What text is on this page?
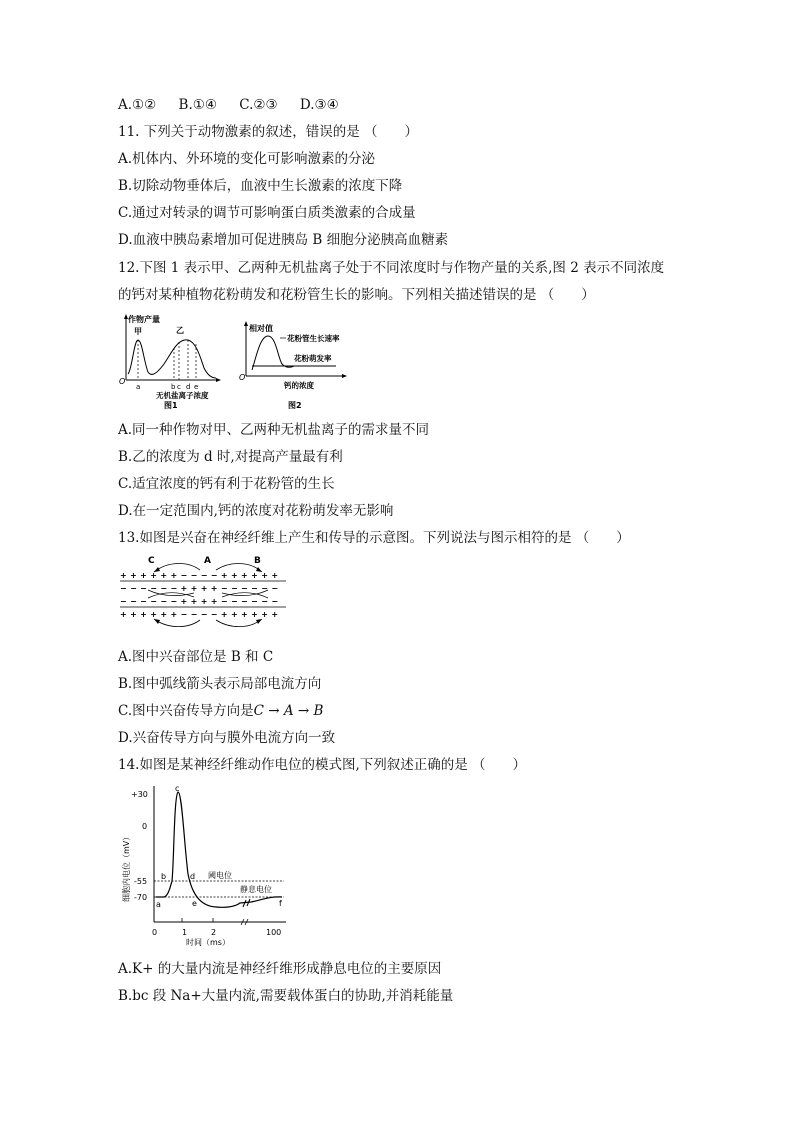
A.①② B.①④ C.②③ D.③④
11. 下列关于动物激素的叙述，错误的是 （　　）
A.机体内、外环境的变化可影响激素的分泌
B.切除动物垂体后，血液中生长激素的浓度下降
C.通过对转录的调节可影响蛋白质类激素的合成量
D.血液中胰岛素增加可促进胰岛 B 细胞分泌胰高血糖素
12.下图 1 表示甲、乙两种无机盐离子处于不同浓度时与作物产量的关系,图 2 表示不同浓度
的钙对某种植物花粉萌发和花粉管生长的影响。下列相关描述错误的是 （　　）
作物产量
甲	乙
O
a	b c d e
无机盐离子浓度
图1
相对值
花粉管生长速率
花粉萌发率
O
钙的浓度
图2
A.同一种作物对甲、乙两种无机盐离子的需求量不同
B.乙的浓度为 d 时,对提高产量最有利
C.适宜浓度的钙有利于花粉管的生长
D.在一定范围内,钙的浓度对花粉萌发率无影响
13.如图是兴奋在神经纤维上产生和传导的示意图。下列说法与图示相符的是 （　　）
C	A	B
+ + + + + + − − − − + + + + + +
− − − − − − + + + + − − − − − −
− − − − − − + + + + − − − − − −
+ + + + + + − − − − + + + + + +
A.图中兴奋部位是 B 和 C
B.图中弧线箭头表示局部电流方向
C.图中兴奋传导方向是C → A → B
D.兴奋传导方向与膜外电流方向一致
14.如图是某神经纤维动作电位的模式图,下列叙述正确的是 （　　）
细胞内电位（mV）
+30
0
-55
-70
阈电位
静息电位
a
b
c
d
e	f
0	1	2	100
时间（ms）
A.K+ 的大量内流是神经纤维形成静息电位的主要原因
B.bc 段 Na+大量内流,需要载体蛋白的协助,并消耗能量
